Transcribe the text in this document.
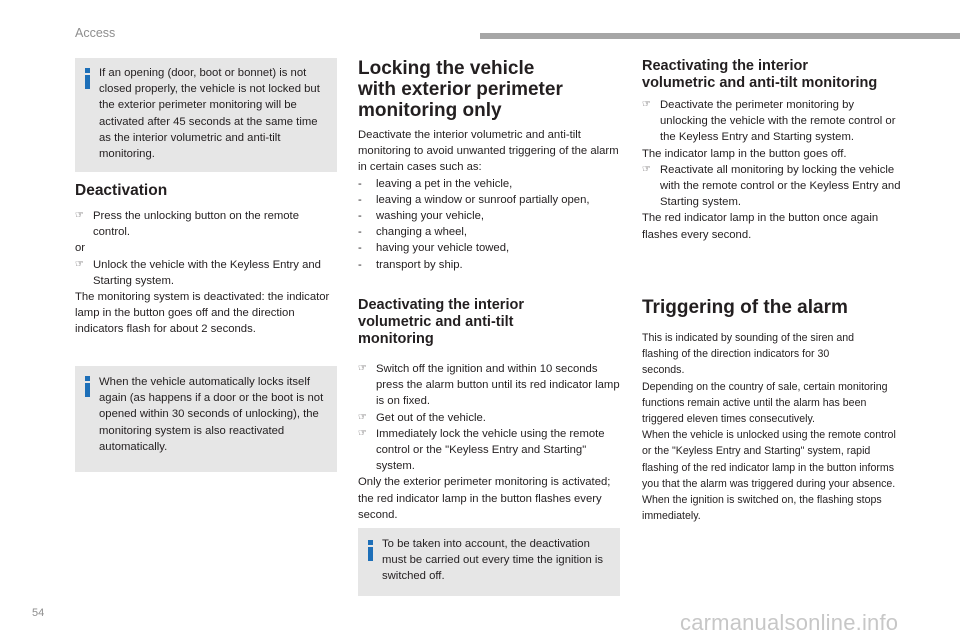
Access
If an opening (door, boot or bonnet) is not closed properly, the vehicle is not locked but the exterior perimeter monitoring will be activated after 45 seconds at the same time as the interior volumetric and anti-tilt monitoring.
Deactivation

☞ Press the unlocking button on the remote control.

or

☞ Unlock the vehicle with the Keyless Entry and Starting system.

The monitoring system is deactivated: the indicator lamp in the button goes off and the direction indicators flash for about 2 seconds.

When the vehicle automatically locks itself again (as happens if a door or the boot is not opened within 30 seconds of unlocking), the monitoring system is also reactivated automatically.
Locking the vehicle
with exterior perimeter
monitoring only

Deactivate the interior volumetric and anti-tilt monitoring to avoid unwanted triggering of the alarm in certain cases such as:

- leaving a pet in the vehicle,

- leaving a window or sunroof partially open,

- washing your vehicle,

- changing a wheel,

- having your vehicle towed,

- transport by ship.

Deactivating the interior
volumetric and anti-tilt
monitoring

☞ Switch off the ignition and within 10 seconds press the alarm button until its red indicator lamp is on fixed.

☞ Get out of the vehicle.

☞ Immediately lock the vehicle using the remote control or the "Keyless Entry and Starting" system.

Only the exterior perimeter monitoring is activated; the red indicator lamp in the button flashes every second.

To be taken into account, the deactivation must be carried out every time the ignition is switched off.
Reactivating the interior
volumetric and anti-tilt monitoring

☞ Deactivate the perimeter monitoring by unlocking the vehicle with the remote control or the Keyless Entry and Starting system.

The indicator lamp in the button goes off.

☞ Reactivate all monitoring by locking the vehicle with the remote control or the Keyless Entry and Starting system.

The red indicator lamp in the button once again flashes every second.

Triggering of the alarm

This is indicated by sounding of the siren and flashing of the direction indicators for 30 seconds.

Depending on the country of sale, certain monitoring functions remain active until the alarm has been triggered eleven times consecutively.

When the vehicle is unlocked using the remote control or the "Keyless Entry and Starting" system, rapid flashing of the red indicator lamp in the button informs you that the alarm was triggered during your absence. When the ignition is switched on, the flashing stops immediately.

54	carmanualsonline.info
